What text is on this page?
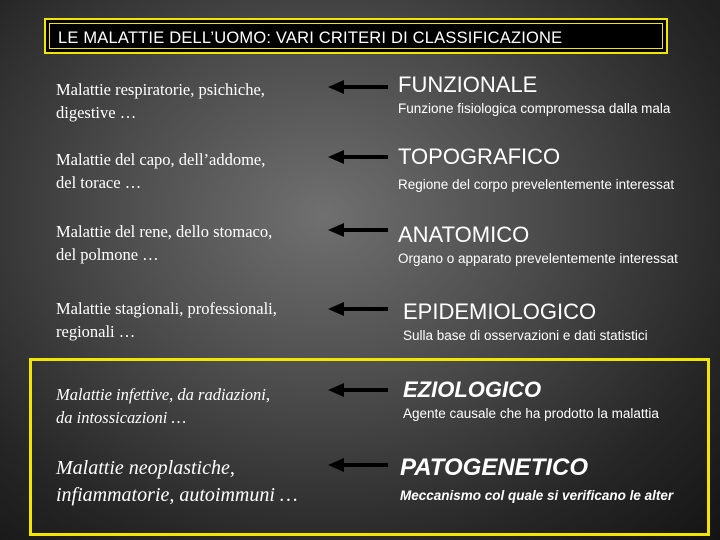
LE MALATTIE DELL’UOMO: VARI CRITERI DI CLASSIFICAZIONE
Malattie respiratorie, psichiche,
digestive …
FUNZIONALE
Funzione fisiologica compromessa dalla mala
Malattie del capo, dell’addome,
del torace …
TOPOGRAFICO
Regione del corpo prevelentemente interessat
Malattie del rene, dello stomaco,
del polmone …
ANATOMICO
Organo o apparato prevelentemente interessat
Malattie stagionali, professionali,
regionali …
EPIDEMIOLOGICO
Sulla base di osservazioni e dati statistici
Malattie infettive, da radiazioni,
da intossicazioni …
EZIOLOGICO
Agente causale che ha prodotto la malattia
Malattie neoplastiche,
infiammatorie, autoimmuni …
PATOGENETICO
Meccanismo col quale si verificano le alter
